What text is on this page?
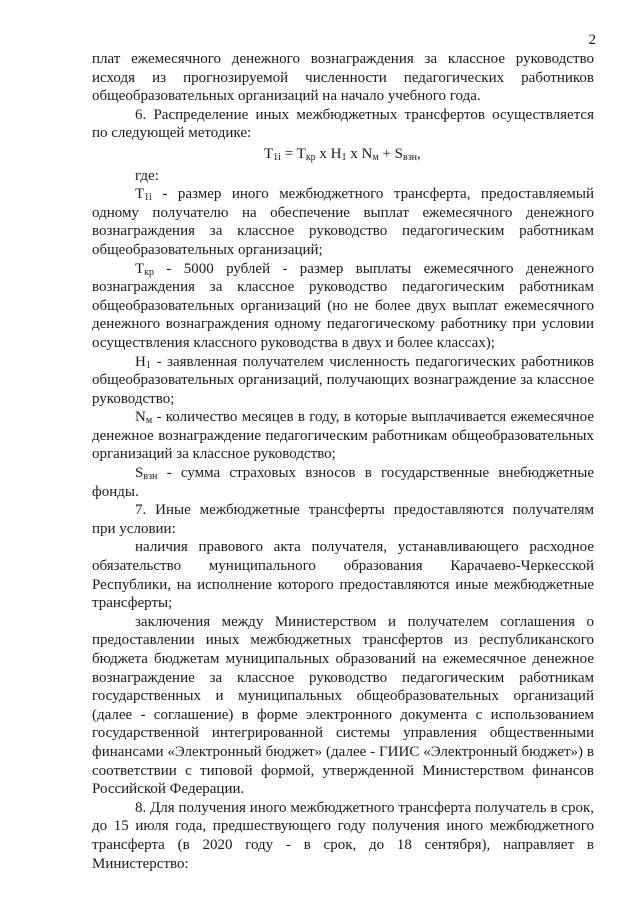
2

плат ежемесячного денежного вознаграждения за классное руководство исходя из прогнозируемой численности педагогических работников общеобразовательных организаций на начало учебного года.

6. Распределение иных межбюджетных трансфертов осуществляется по следующей методике:

$T_{1i} = T_{кр}$ x $H_1$ x $N_м + S_{взн}$,

где:

$T_{1i}$ - размер иного межбюджетного трансферта, предоставляемый одному получателю на обеспечение выплат ежемесячного денежного вознаграждения за классное руководство педагогическим работникам общеобразовательных организаций;

$T_{кр} - 5000$ рублей - размер выплаты ежемесячного денежного вознаграждения за классное руководство педагогическим работникам общеобразовательных организаций (но не более двух выплат ежемесячного денежного вознаграждения одному педагогическому работнику при условии осуществления классного руководства в двух и более классах);

$H_1$ - заявленная получателем численность педагогических работников общеобразовательных организаций, получающих вознаграждение за классное руководство;

$N_м$ - количество месяцев в году, в которые выплачивается ежемесячное денежное вознаграждение педагогическим работникам общеобразовательных организаций за классное руководство;

$S_{взн}$ - сумма страховых взносов в государственные внебюджетные фонды.

7. Иные межбюджетные трансферты предоставляются получателям при условии:

наличия правового акта получателя, устанавливающего расходное обязательство муниципального образования Карачаево-Черкесской Республики, на исполнение которого предоставляются иные межбюджетные трансферты;

заключения между Министерством и получателем соглашения о предоставлении иных межбюджетных трансфертов из республиканского бюджета бюджетам муниципальных образований на ежемесячное денежное вознаграждение за классное руководство педагогическим работникам государственных и муниципальных общеобразовательных организаций (далее - соглашение) в форме электронного документа с использованием государственной интегрированной системы управления общественными финансами «Электронный бюджет» (далее - ГИИС «Электронный бюджет») в соответствии с типовой формой, утвержденной Министерством финансов Российской Федерации.

8. Для получения иного межбюджетного трансферта получатель в срок, до 15 июля года, предшествующего году получения иного межбюджетного трансферта (в 2020 году - в срок, до 18 сентября), направляет в Министерство:
